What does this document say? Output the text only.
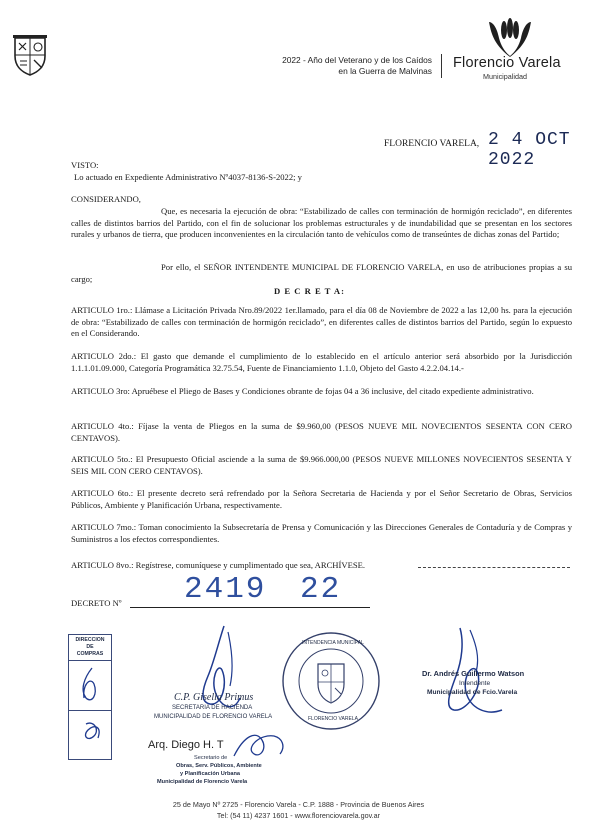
2022 - Año del Veterano y de los Caídos
en la Guerra de Malvinas Florencio Varela
Municipalidad
FLORENCIO VARELA, 2 4 OCT 2022
VISTO:
Lo actuado en Expediente Administrativo Nº4037-8136-S-2022; y
CONSIDERANDO,
Que, es necesaria la ejecución de obra: “Estabilizado de calles con terminación de hormigón reciclado”, en diferentes calles de distintos barrios del Partido, con el fin de solucionar los problemas estructurales y de inundabilidad que se presentan en los sectores rurales y urbanos de tierra, que producen inconvenientes en la circulación tanto de vehículos como de transeúntes de dichas zonas del Partido;
Por ello, el SEÑOR INTENDENTE MUNICIPAL DE FLORENCIO VARELA, en uso de atribuciones propias a su cargo;
D E C R E T A:
ARTICULO 1ro.: Llámase a Licitación Privada Nro.89/2022 1er.llamado, para el día 08 de Noviembre de 2022 a las 12,00 hs. para la ejecución de obra: “Estabilizado de calles con terminación de hormigón reciclado”, en diferentes calles de distintos barrios del Partido, según lo expuesto en el Considerando.
ARTICULO 2do.: El gasto que demande el cumplimiento de lo establecido en el artículo anterior será absorbido por la Jurisdicción 1.1.1.01.09.000, Categoría Programática 32.75.54, Fuente de Financiamiento 1.1.0, Objeto del Gasto 4.2.2.04.14.-
ARTICULO 3ro: Apruébese el Pliego de Bases y Condiciones obrante de fojas 04 a 36 inclusive, del citado expediente administrativo.
ARTICULO 4to.: Fíjase la venta de Pliegos en la suma de $9.960,00 (PESOS NUEVE MIL NOVECIENTOS SESENTA CON CERO CENTAVOS).
ARTICULO 5to.: El Presupuesto Oficial asciende a la suma de $9.966.000,00 (PESOS NUEVE MILLONES NOVECIENTOS SESENTA Y SEIS MIL CON CERO CENTAVOS).
ARTICULO 6to.: El presente decreto será refrendado por la Señora Secretaria de Hacienda y por el Señor Secretario de Obras, Servicios Públicos, Ambiente y Planificación Urbana, respectivamente.
ARTICULO 7mo.: Toman conocimiento la Subsecretaría de Prensa y Comunicación y las Direcciones Generales de Contaduría y de Compras y Suministros a los efectos correspondientes.
ARTICULO 8vo.: Regístrese, comuníquese y cumplimentado que sea, ARCHÍVESE.
DECRETO Nº 2419 22
DIRECCION
DE
COMPRAS
C.P. Gisella Primus
SECRETARIA DE HACIENDA
MUNICIPALIDAD DE FLORENCIO VARELA
Arq. Diego H. T
Secretario de
Obras, Serv. Públicos, Ambiente
y Planificación Urbana
Municipalidad de Florencio Varela
INTENDENCIA MUNICIPAL
FLORENCIO VARELA
Dr. Andrés Guillermo Watson
Intendente
Municipalidad de Fcio.Varela
25 de Mayo Nº 2725 - Florencio Varela - C.P. 1888 - Provincia de Buenos Aires
Tel: (54 11) 4237 1601 - www.florenciovarela.gov.ar
